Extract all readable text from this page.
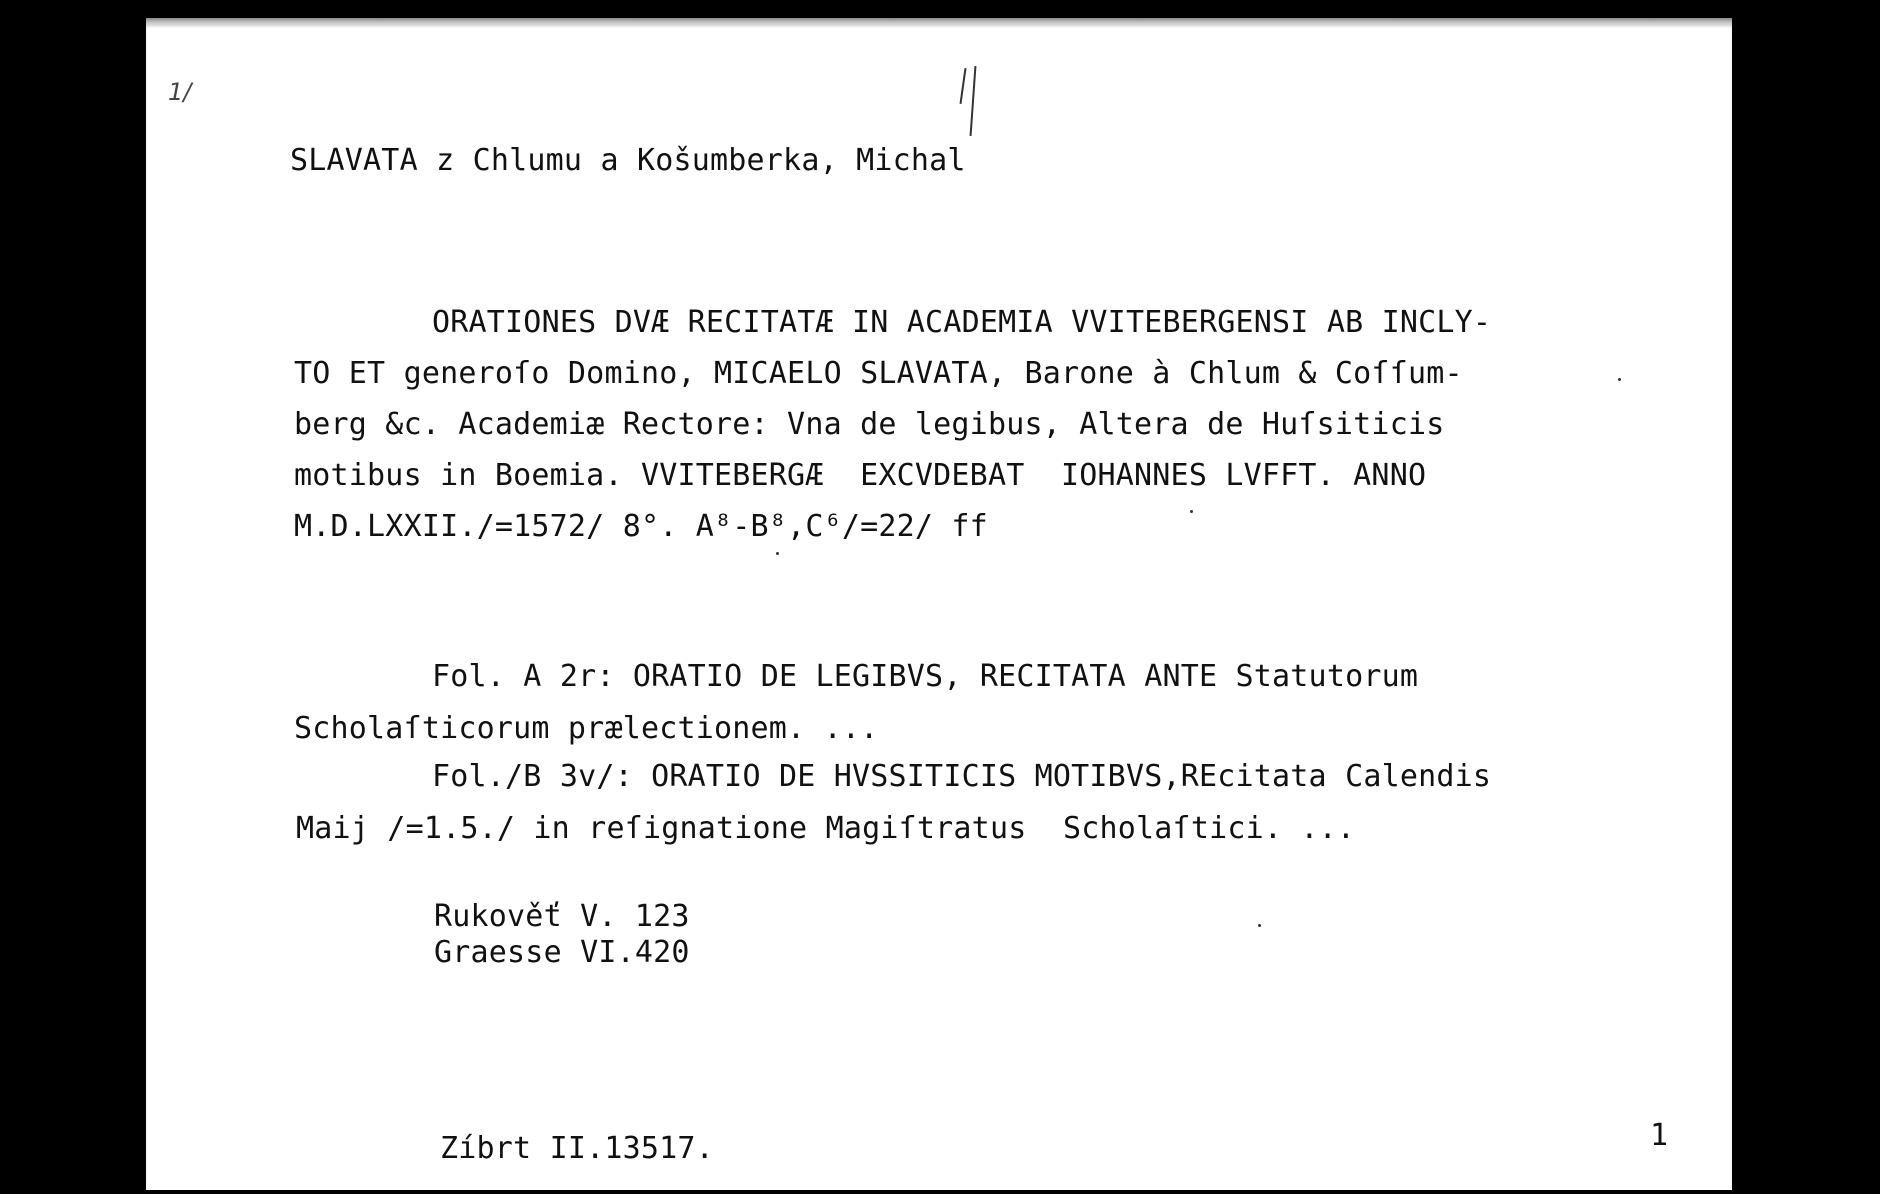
1/
SLAVATA z Chlumu a Košumberka, Michal
ORATIONES DVÆ RECITATÆ IN ACADEMIA VVITEBERGENSI AB INCLY-
TO ET generoſo Domino, MICAELO SLAVATA, Barone à Chlum & Coſſum-
berg &c. Academiæ Rectore: Vna de legibus, Altera de Huſsiticis
motibus in Boemia. VVITEBERGÆ  EXCVDEBAT  IOHANNES LVFFT. ANNO
M.D.LXXII./=1572/ 8°. A⁸-B⁸,C⁶/=22/ ff
Fol. A 2r: ORATIO DE LEGIBVS, RECITATA ANTE Statutorum
Scholaſticorum prælectionem. ...
Fol./B 3v/: ORATIO DE HVSSITICIS MOTIBVS,REcitata Calendis
Maij /=1.5./ in reſignatione Magiſtratus  Scholaſtici. ...
Rukověť V. 123
Graesse VI.420
Zíbrt II.13517.	1
